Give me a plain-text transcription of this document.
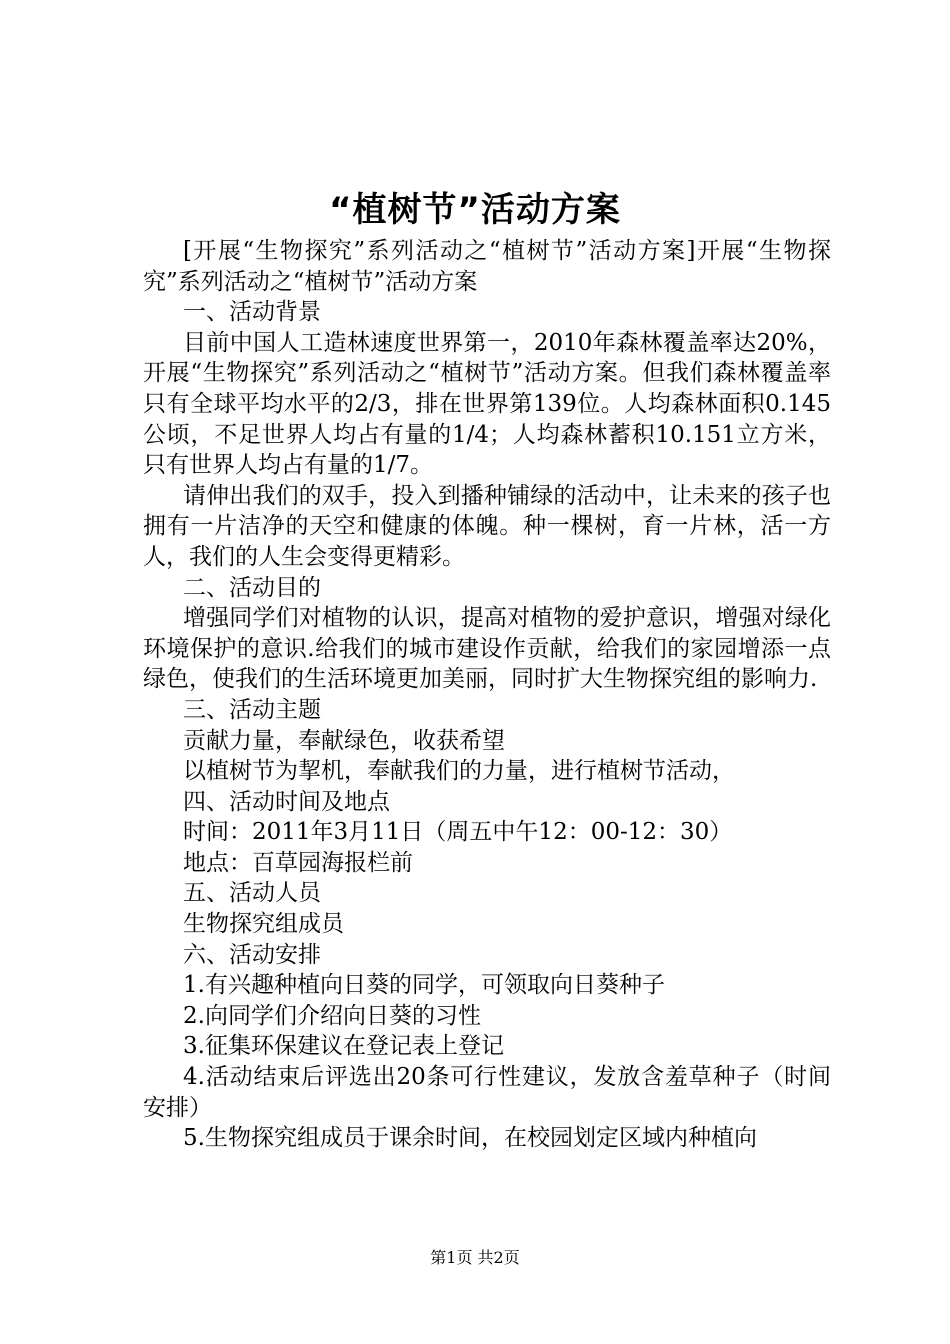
“植树节”活动方案

[开展“生物探究”系列活动之“植树节”活动方案]开展“生物探究”系列活动之“植树节”活动方案

一、活动背景

目前中国人工造林速度世界第一，2010年森林覆盖率达20%，开展“生物探究”系列活动之“植树节”活动方案。但我们森林覆盖率只有全球平均水平的2/3，排在世界第139位。人均森林面积0.145公顷，不足世界人均占有量的1/4；人均森林蓄积10.151立方米，只有世界人均占有量的1/7。

请伸出我们的双手，投入到播种铺绿的活动中，让未来的孩子也拥有一片洁净的天空和健康的体魄。种一棵树，育一片林，活一方人，我们的人生会变得更精彩。

二、活动目的

增强同学们对植物的认识，提高对植物的爱护意识，增强对绿化环境保护的意识.给我们的城市建设作贡献，给我们的家园增添一点绿色，使我们的生活环境更加美丽，同时扩大生物探究组的影响力.

三、活动主题

贡献力量，奉献绿色，收获希望

以植树节为挈机，奉献我们的力量，进行植树节活动，

四、活动时间及地点

时间：2011年3月11日（周五中午12：00-12：30）

地点：百草园海报栏前

五、活动人员

生物探究组成员

六、活动安排

1.有兴趣种植向日葵的同学，可领取向日葵种子

2.向同学们介绍向日葵的习性

3.征集环保建议在登记表上登记

4.活动结束后评选出20条可行性建议，发放含羞草种子（时间安排）

5.生物探究组成员于课余时间，在校园划定区域内种植向

第1页 共2页
